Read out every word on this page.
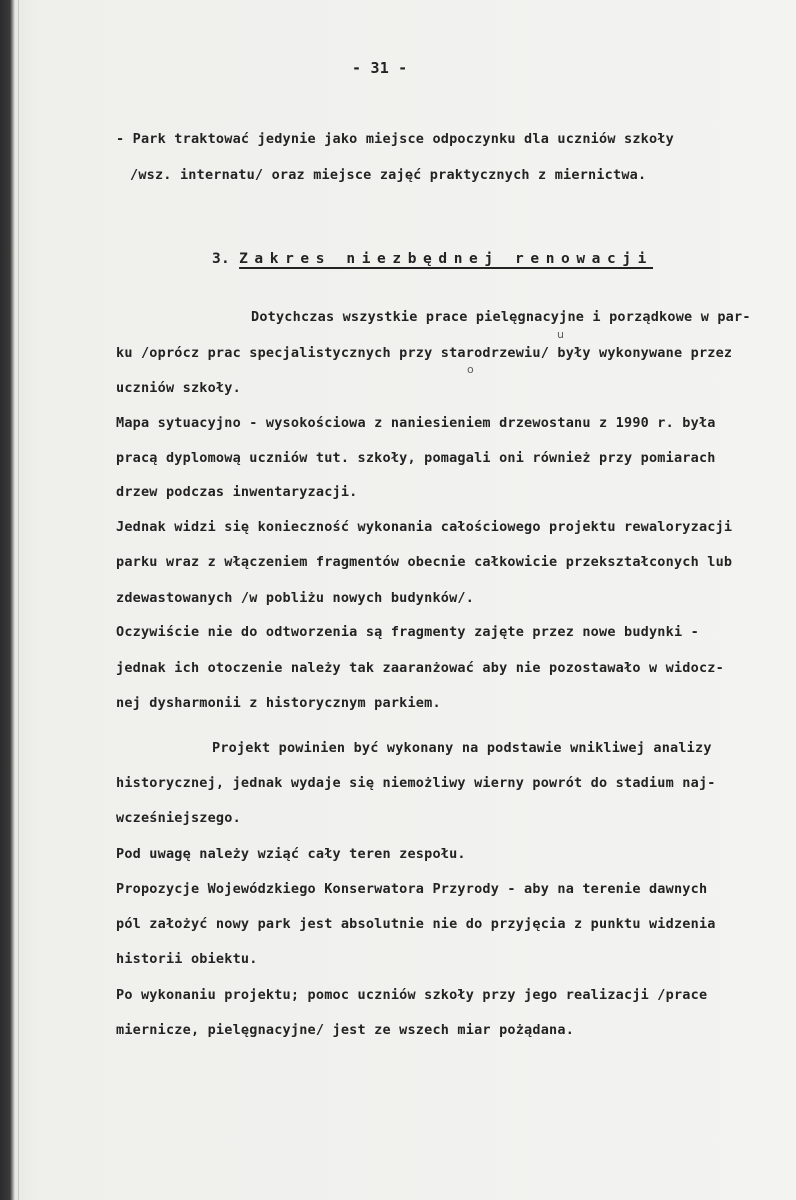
- 31 -
- Park traktować jedynie jako miejsce odpoczynku dla uczniów szkoły
/wsz. internatu/ oraz miejsce zajęć praktycznych z miernictwa.
3. Zakres niezbędnej renowacji
Dotychczas wszystkie prace pielęgnacyjne i porządkowe w par-
ku /oprócz prac specjalistycznych przy starodrzewiu/ były wykonywane przez
uczniów szkoły.
Mapa sytuacyjno - wysokościowa z naniesieniem drzewostanu z 1990 r. była
pracą dyplomową uczniów tut. szkoły, pomagali oni również przy pomiarach
drzew podczas inwentaryzacji.
Jednak widzi się konieczność wykonania całościowego projektu rewaloryzacji
parku wraz z włączeniem fragmentów obecnie całkowicie przekształconych lub
zdewastowanych /w pobliżu nowych budynków/.
Oczywiście nie do odtworzenia są fragmenty zajęte przez nowe budynki -
jednak ich otoczenie należy tak zaaranżować aby nie pozostawało w widocz-
nej dysharmonii z historycznym parkiem.
Projekt powinien być wykonany na podstawie wnikliwej analizy
historycznej, jednak wydaje się niemożliwy wierny powrót do stadium naj-
wcześniejszego.
Pod uwagę należy wziąć cały teren zespołu.
Propozycje Wojewódzkiego Konserwatora Przyrody - aby na terenie dawnych
pól założyć nowy park jest absolutnie nie do przyjęcia z punktu widzenia
historii obiektu.
Po wykonaniu projektu; pomoc uczniów szkoły przy jego realizacji /prace
miernicze, pielęgnacyjne/ jest ze wszech miar pożądana.
u
o
